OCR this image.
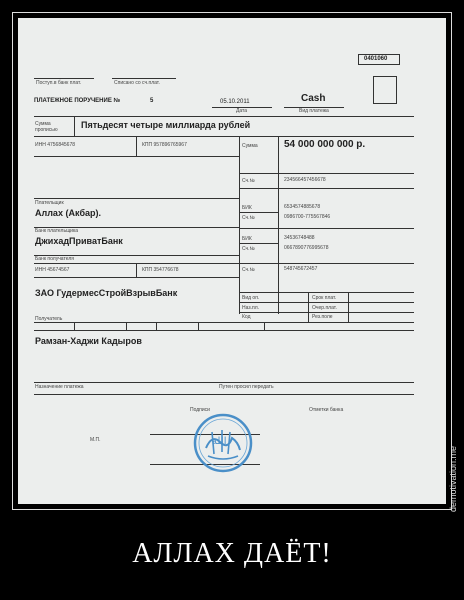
0401060
Поступ.в банк плат.	Списано со сч.плат.
ПЛАТЕЖНОЕ ПОРУЧЕНИЕ №	5	05.10.2011
Дата
Cash
Вид платежа
Сумма
прописью	Пятьдесят четыре миллиарда рублей
ИНН 4756845678	КПП 957896765967	Сумма	54 000 000 000 р.
Сч.№	234566457456678
Плательщик
Аллах (Акбар).	БИК	6534574885678
Сч.№	0986700-775567846
Банк плательщика
ДжихадПриватБанк	БИК	34536748488
Сч.№	0667890776995678
Банк получателя
ИНН 45674567	КПП 354776678	Сч.№	548745672457
ЗАО ГудермесСтройВзрывБанк	Вид оп.	Срок плат.
Наз.пл.	Очер.плат.
Код	Рез.поле
Получатель
Рамзан-Хаджи Кадыров
Назначение платежа	Путен просил передать
Подписи	Отметки банка
М.П.	الله
demotivation.me
АЛЛАХ ДАЁТ!
